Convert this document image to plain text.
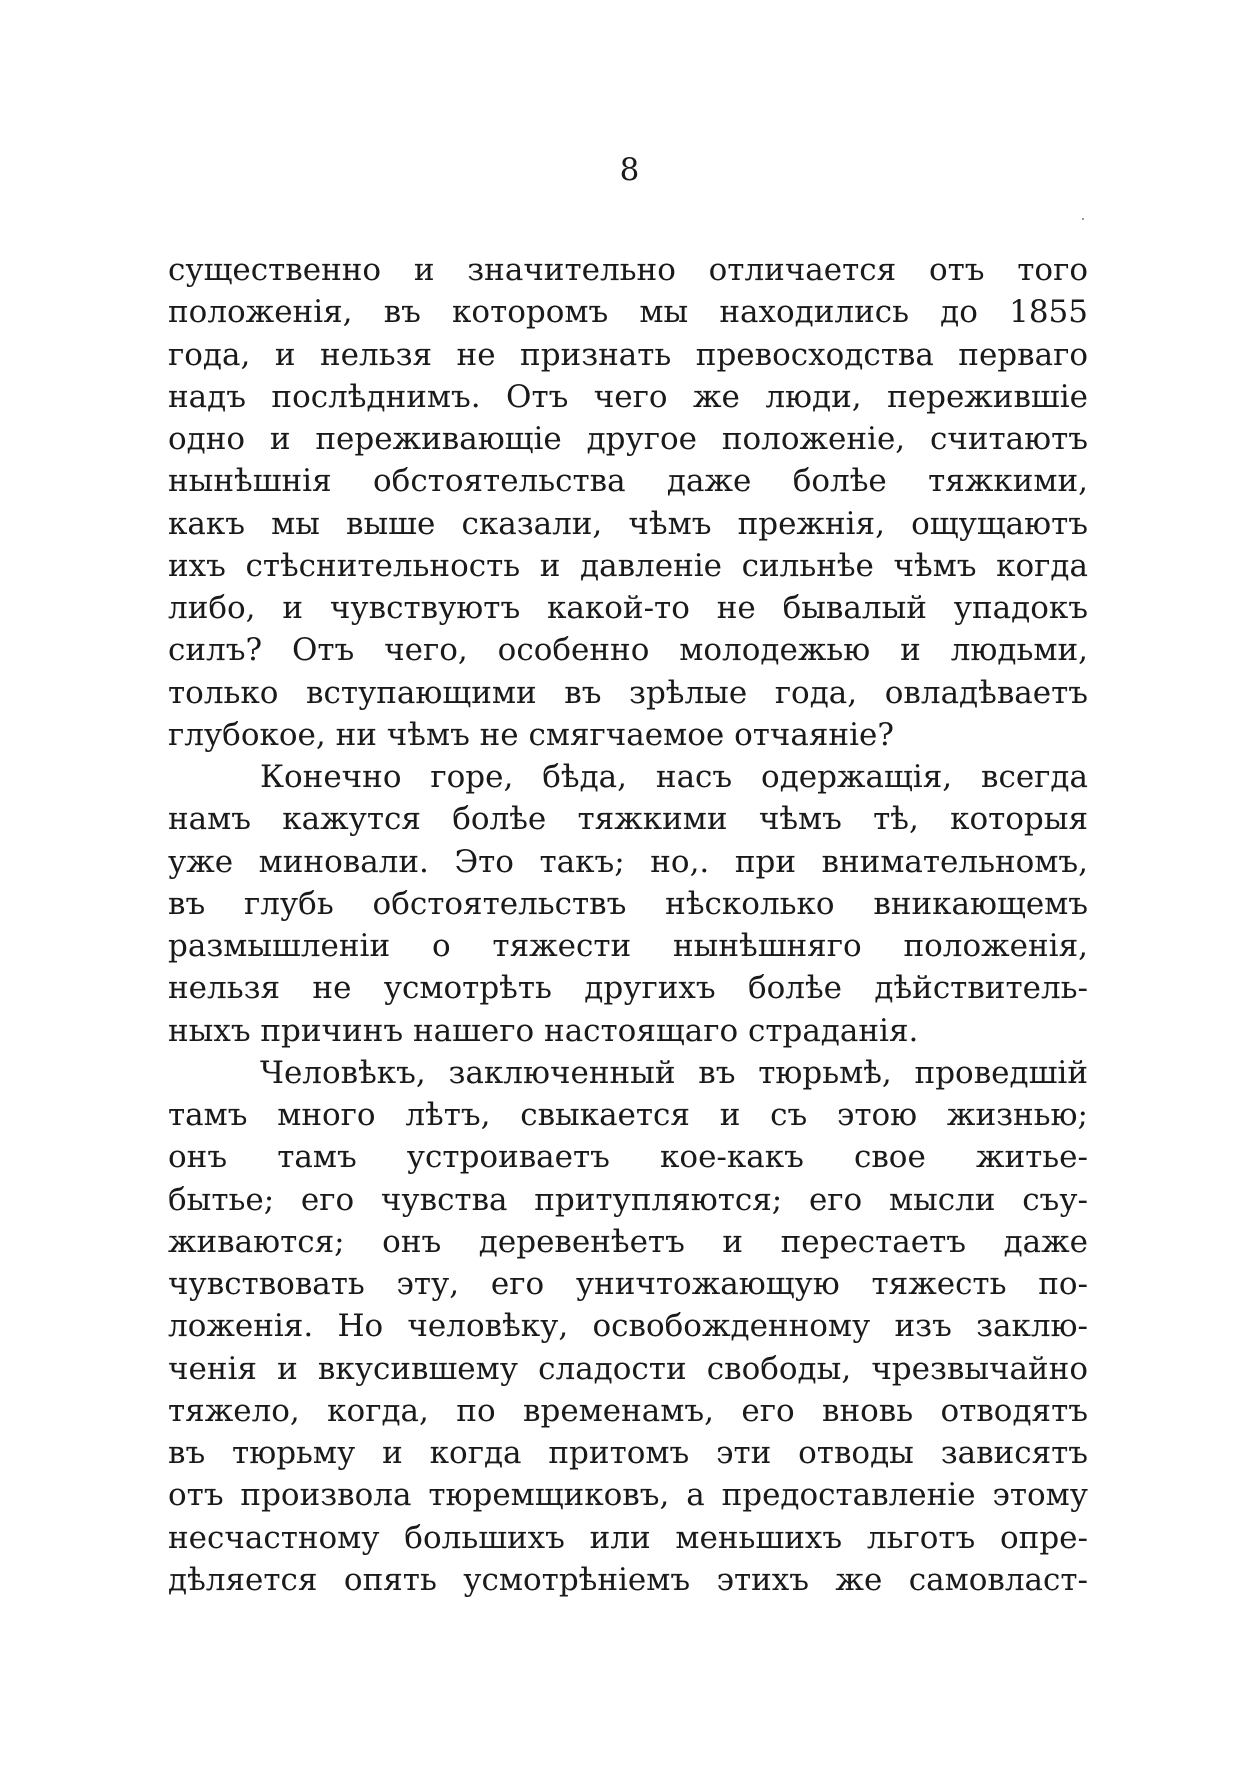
8
существенно и значительно отличается отъ того
положенія, въ которомъ мы находились до 1855
года, и нельзя не признать превосходства перваго
надъ послѣднимъ. Отъ чего же люди, пережившіе
одно и переживающіе другое положеніе, считаютъ
нынѣшнія обстоятельства даже болѣе тяжкими,
какъ мы выше сказали, чѣмъ прежнія, ощущаютъ
ихъ стѣснительность и давленіе сильнѣе чѣмъ когда
либо, и чувствуютъ какой-то не бывалый упадокъ
силъ? Отъ чего, особенно молодежью и людьми,
только вступающими въ зрѣлые года, овладѣваетъ
глубокое, ни чѣмъ не смягчаемое отчаяніе?
Конечно горе, бѣда, насъ одержащія, всегда
намъ кажутся болѣе тяжкими чѣмъ тѣ, которыя
уже миновали. Это такъ; но,. при внимательномъ,
въ глубь обстоятельствъ нѣсколько вникающемъ
размышленіи о тяжести нынѣшняго положенія,
нельзя не усмотрѣть другихъ болѣе дѣйствитель-
ныхъ причинъ нашего настоящаго страданія.
Человѣкъ, заключенный въ тюрьмѣ, проведшій
тамъ много лѣтъ, свыкается и съ этою жизнью;
онъ тамъ устроиваетъ кое-какъ свое житье-
бытье; его чувства притупляются; его мысли съу-
живаются; онъ деревенѣетъ и перестаетъ даже
чувствовать эту, его уничтожающую тяжесть по-
ложенія. Но человѣку, освобожденному изъ заклю-
ченія и вкусившему сладости свободы, чрезвычайно
тяжело, когда, по временамъ, его вновь отводятъ
въ тюрьму и когда притомъ эти отводы зависятъ
отъ произвола тюремщиковъ, а предоставленіе этому
несчастному большихъ или меньшихъ льготъ опре-
дѣляется опять усмотрѣніемъ этихъ же самовласт-
